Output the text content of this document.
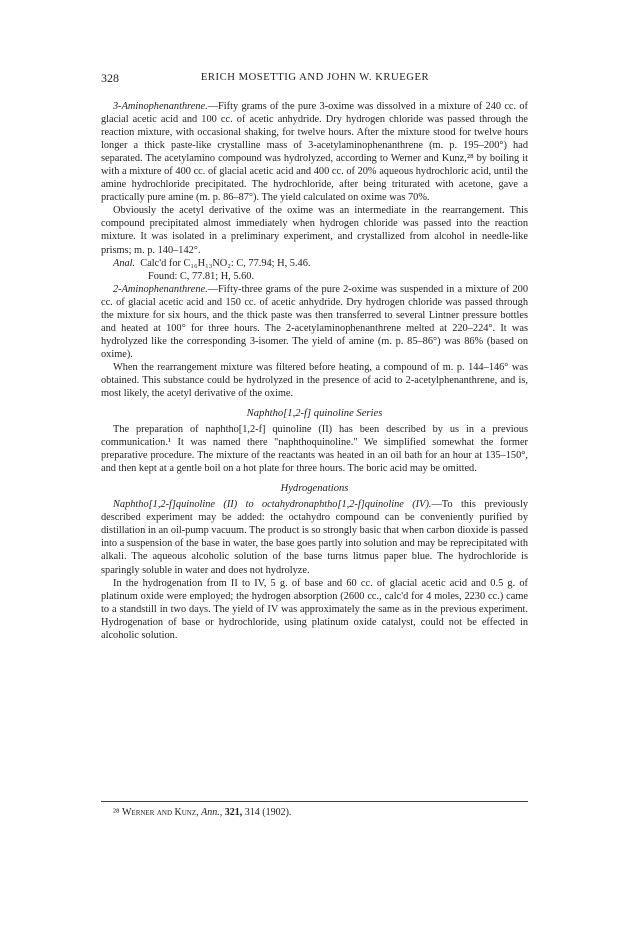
328	ERICH MOSETTIG AND JOHN W. KRUEGER

3-Aminophenanthrene.—Fifty grams of the pure 3-oxime was dissolved in a mixture of 240 cc. of glacial acetic acid and 100 cc. of acetic anhydride. Dry hydrogen chloride was passed through the reaction mixture, with occasional shaking, for twelve hours. After the mixture stood for twelve hours longer a thick paste-like crystalline mass of 3-acetylaminophenanthrene (m. p. 195–200°) had separated. The acetylamino compound was hydrolyzed, according to Werner and Kunz,²⁸ by boiling it with a mixture of 400 cc. of glacial acetic acid and 400 cc. of 20% aqueous hydrochloric acid, until the amine hydrochloride precipitated. The hydrochloride, after being triturated with acetone, gave a practically pure amine (m. p. 86–87°). The yield calculated on oxime was 70%.

Obviously the acetyl derivative of the oxime was an intermediate in the rearrangement. This compound precipitated almost immediately when hydrogen chloride was passed into the reaction mixture. It was isolated in a preliminary experiment, and crystallized from alcohol in needle-like prisms; m. p. 140–142°.

Anal. Calc'd for C₁₆H₁₃NO₂: C, 77.94; H, 5.46.

Found: C, 77.81; H, 5.60.

2-Aminophenanthrene.—Fifty-three grams of the pure 2-oxime was suspended in a mixture of 200 cc. of glacial acetic acid and 150 cc. of acetic anhydride. Dry hydrogen chloride was passed through the mixture for six hours, and the thick paste was then transferred to several Lintner pressure bottles and heated at 100° for three hours. The 2-acetylaminophenanthrene melted at 220–224°. It was hydrolyzed like the corresponding 3-isomer. The yield of amine (m. p. 85–86°) was 86% (based on oxime).

When the rearrangement mixture was filtered before heating, a compound of m. p. 144–146° was obtained. This substance could be hydrolyzed in the presence of acid to 2-acetylphenanthrene, and is, most likely, the acetyl derivative of the oxime.

Naphtho[1,2-f] quinoline Series

The preparation of naphtho[1,2-f] quinoline (II) has been described by us in a previous communication.¹ It was named there "naphthoquinoline." We simplified somewhat the former preparative procedure. The mixture of the reactants was heated in an oil bath for an hour at 135–150°, and then kept at a gentle boil on a hot plate for three hours. The boric acid may be omitted.

Hydrogenations

Naphtho[1,2-f]quinoline (II) to octahydronaphtho[1,2-f]quinoline (IV).—To this previously described experiment may be added: the octahydro compound can be conveniently purified by distillation in an oil-pump vacuum. The product is so strongly basic that when carbon dioxide is passed into a suspension of the base in water, the base goes partly into solution and may be reprecipitated with alkali. The aqueous alcoholic solution of the base turns litmus paper blue. The hydrochloride is sparingly soluble in water and does not hydrolyze.

In the hydrogenation from II to IV, 5 g. of base and 60 cc. of glacial acetic acid and 0.5 g. of platinum oxide were employed; the hydrogen absorption (2600 cc., calc'd for 4 moles, 2230 cc.) came to a standstill in two days. The yield of IV was approximately the same as in the previous experiment. Hydrogenation of base or hydrochloride, using platinum oxide catalyst, could not be effected in alcoholic solution.

²⁸ Werner and Kunz, Ann., 321, 314 (1902).
